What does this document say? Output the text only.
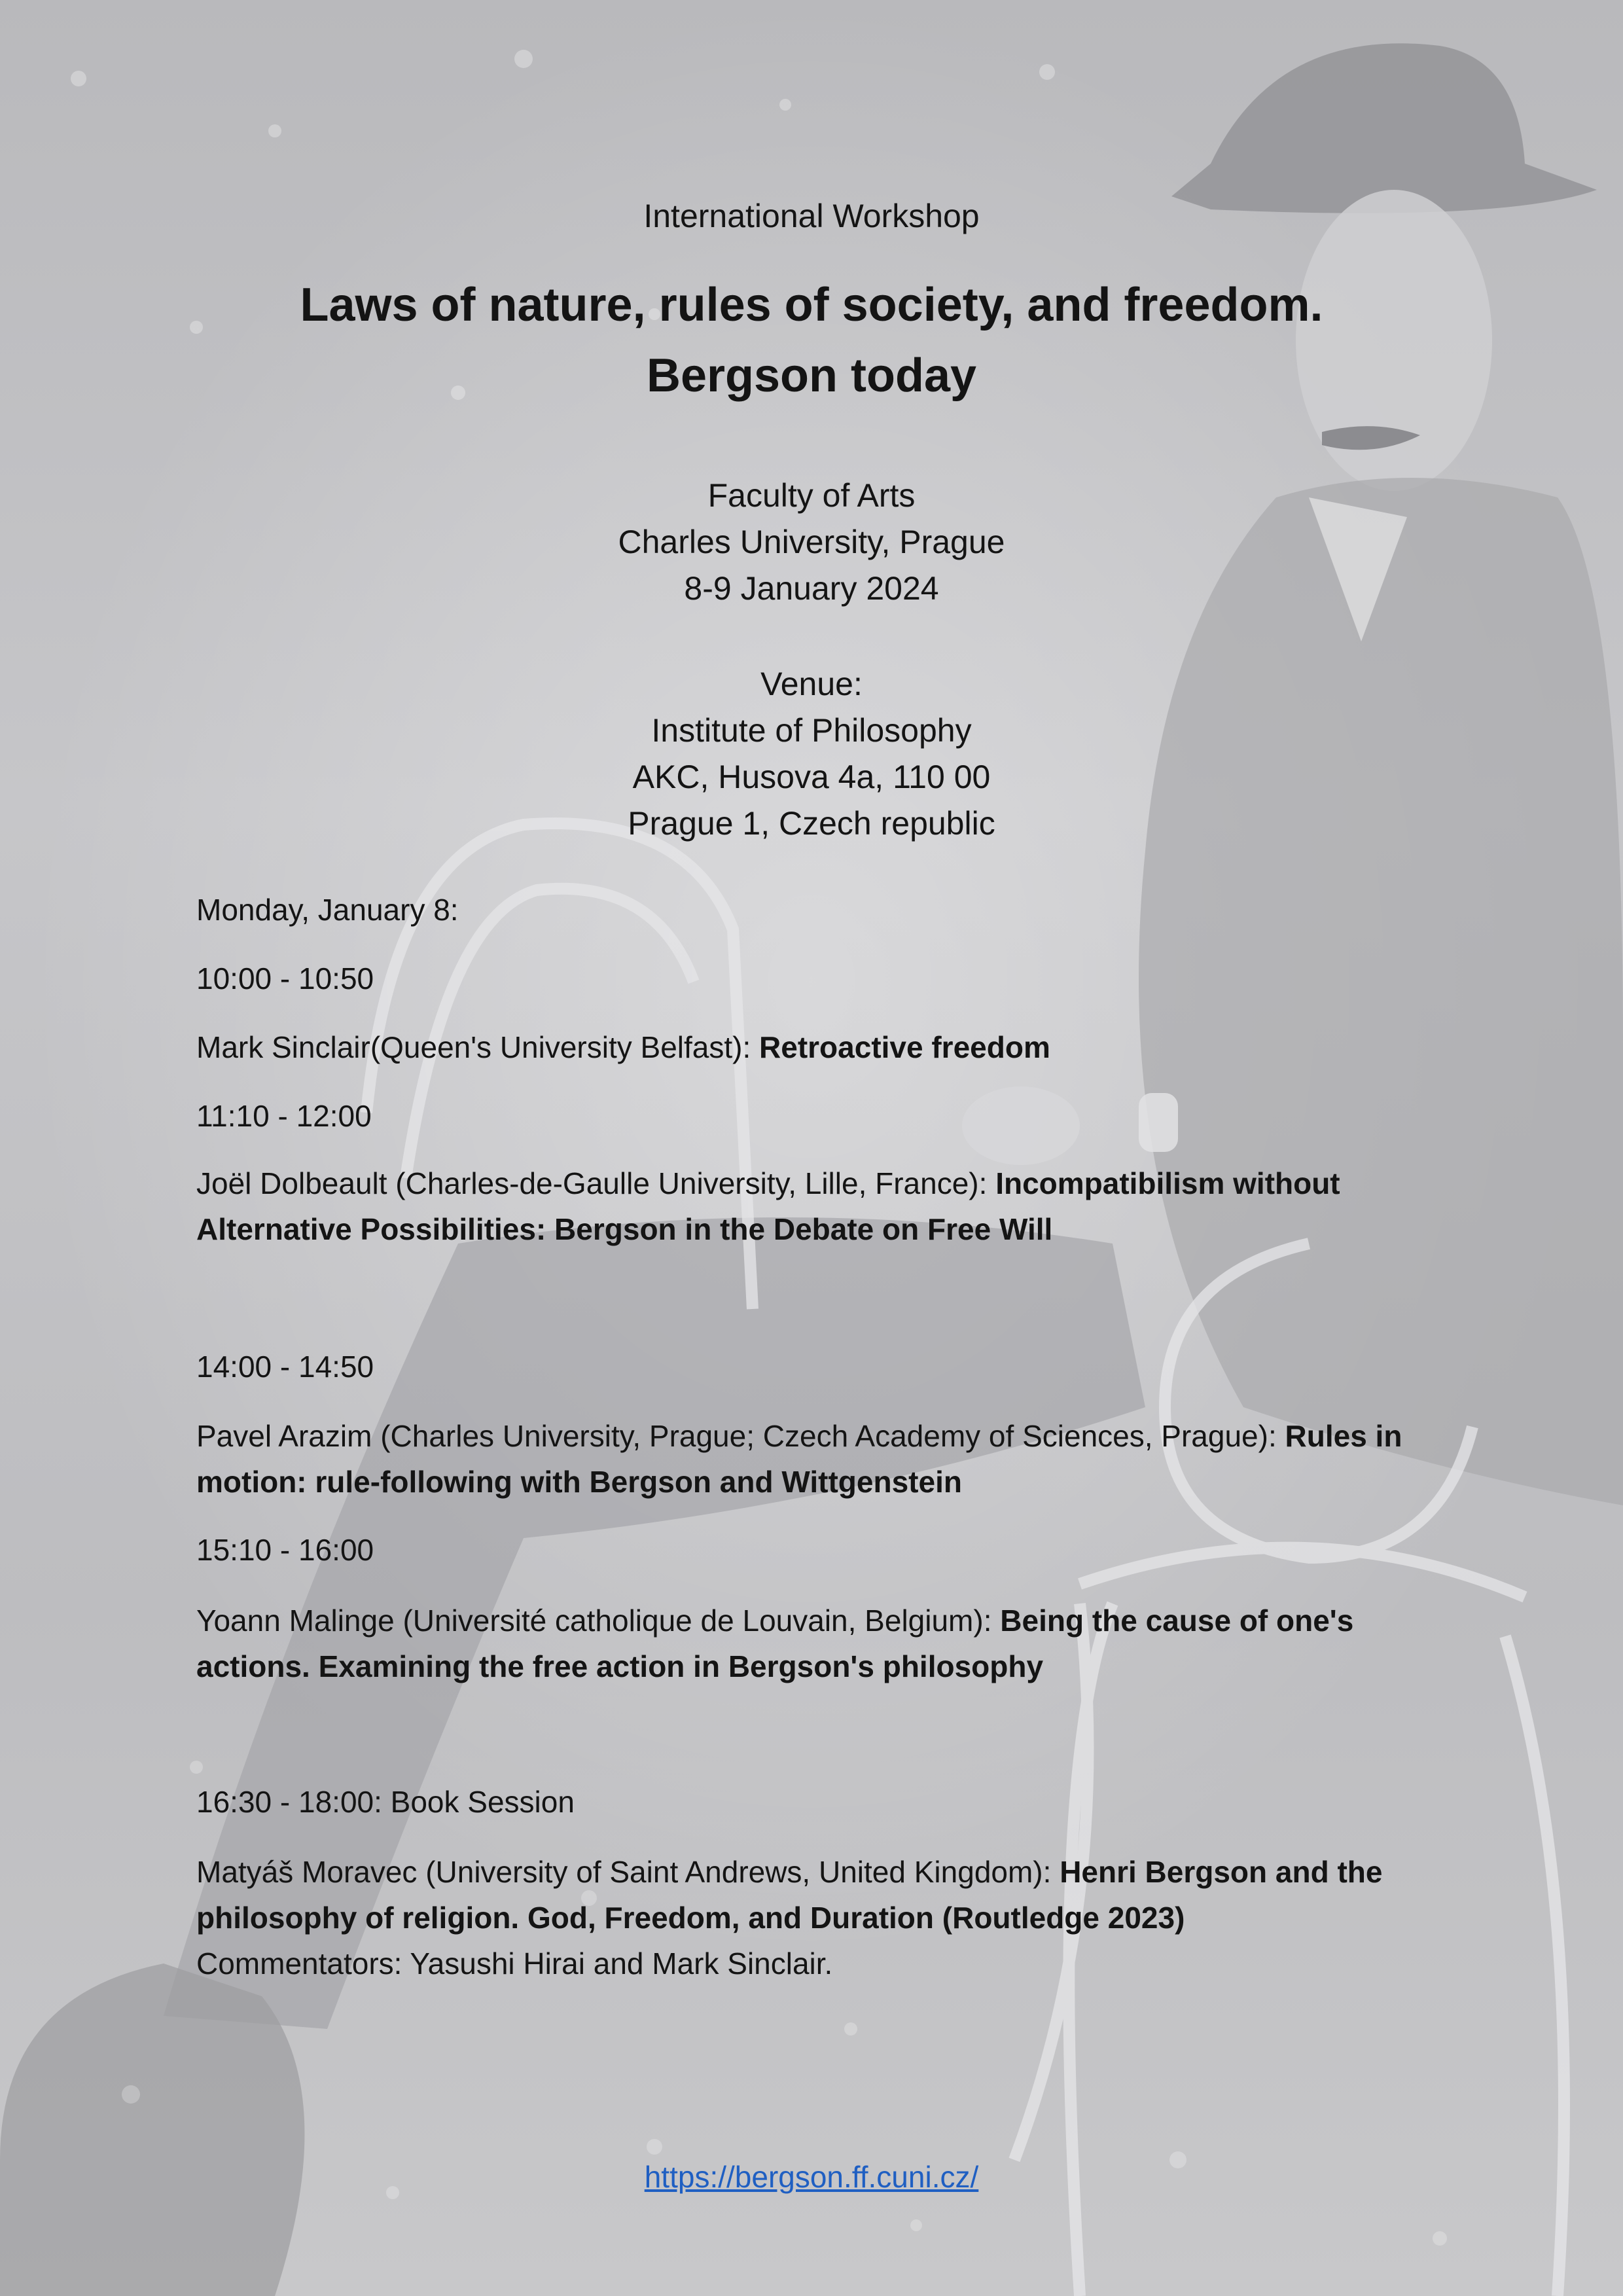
International Workshop
Laws of nature, rules of society, and freedom.
Bergson today
Faculty of Arts
Charles University, Prague
8-9 January 2024
Venue:
Institute of Philosophy
AKC, Husova 4a, 110 00
Prague 1, Czech republic
Monday, January 8:
10:00 - 10:50
Mark Sinclair(Queen's University Belfast): Retroactive freedom
11:10 - 12:00
Joël Dolbeault (Charles-de-Gaulle University, Lille, France): Incompatibilism without Alternative Possibilities: Bergson in the Debate on Free Will
14:00 - 14:50
Pavel Arazim (Charles University, Prague; Czech Academy of Sciences, Prague): Rules in motion: rule-following with Bergson and Wittgenstein
15:10 - 16:00
Yoann Malinge (Université catholique de Louvain, Belgium): Being the cause of one's actions. Examining the free action in Bergson's philosophy
16:30 - 18:00: Book Session
Matyáš Moravec (University of Saint Andrews, United Kingdom): Henri Bergson and the philosophy of religion. God, Freedom, and Duration (Routledge 2023)
Commentators: Yasushi Hirai and Mark Sinclair.
https://bergson.ff.cuni.cz/
